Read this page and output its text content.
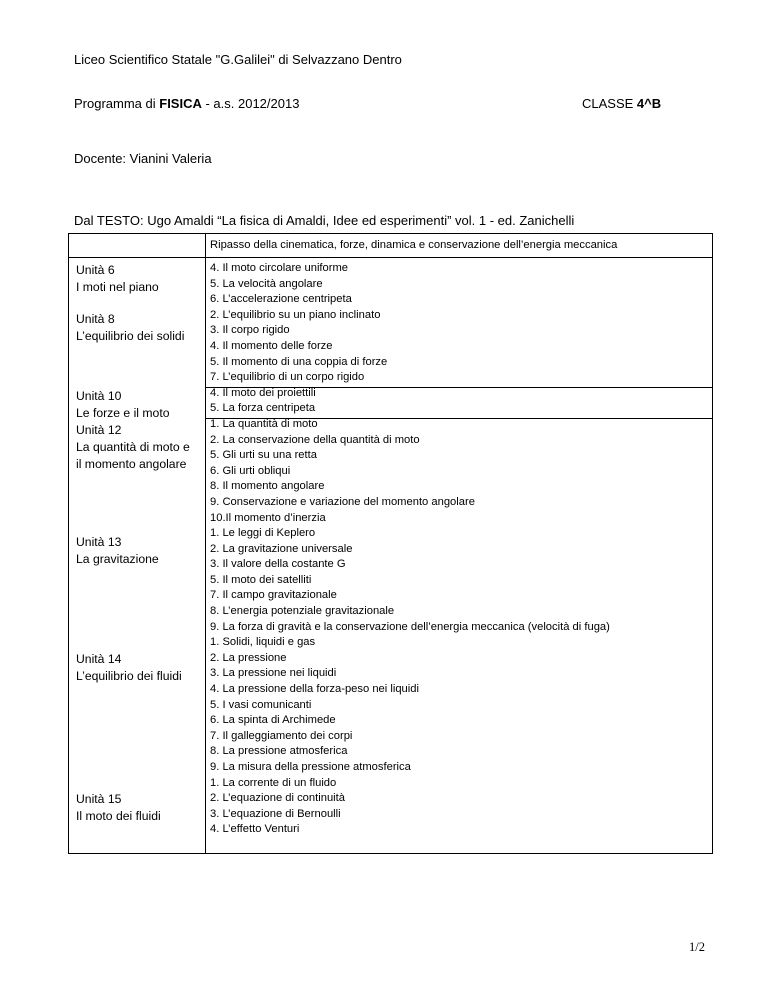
Liceo Scientifico Statale "G.Galilei" di Selvazzano Dentro
Programma di FISICA - a.s. 2012/2013	CLASSE 4^B
Docente: Vianini Valeria
Dal TESTO: Ugo Amaldi “La fisica di Amaldi, Idee ed esperimenti” vol. 1 - ed. Zanichelli
Ripasso della cinematica, forze, dinamica e conservazione dell’energia meccanica
Unità 6
I moti nel piano
Unità 8
L’equilibrio dei solidi
Unità 10
Le forze e il moto
Unità 12
La quantità di moto e il momento angolare
Unità 13
La gravitazione
Unità 14
L’equilibrio dei fluidi
Unità 15
Il moto dei fluidi
4. Il moto circolare uniforme
5. La velocità angolare
6. L’accelerazione centripeta
2. L’equilibrio su un piano inclinato
3. Il corpo rigido
4. Il momento delle forze
5. Il momento di una coppia di forze
7. L’equilibrio di un corpo rigido
4. Il moto dei proiettili
5. La forza centripeta
1. La quantità di moto
2. La conservazione della quantità di moto
5. Gli urti su una retta
6. Gli urti obliqui
8. Il momento angolare
9. Conservazione e variazione del momento angolare
10.Il momento d’inerzia
1. Le leggi di Keplero
2. La gravitazione universale
3. Il valore della costante G
5. Il moto dei satelliti
7. Il campo gravitazionale
8. L’energia potenziale gravitazionale
9. La forza di gravità e la conservazione dell’energia meccanica (velocità di fuga)
1. Solidi, liquidi e gas
2. La pressione
3. La pressione nei liquidi
4. La pressione della forza-peso nei liquidi
5. I vasi comunicanti
6. La spinta di Archimede
7. Il galleggiamento dei corpi
8. La pressione atmosferica
9. La misura della pressione atmosferica
1. La corrente di un fluido
2. L’equazione di continuità
3. L’equazione di Bernoulli
4. L’effetto Venturi
1/2
